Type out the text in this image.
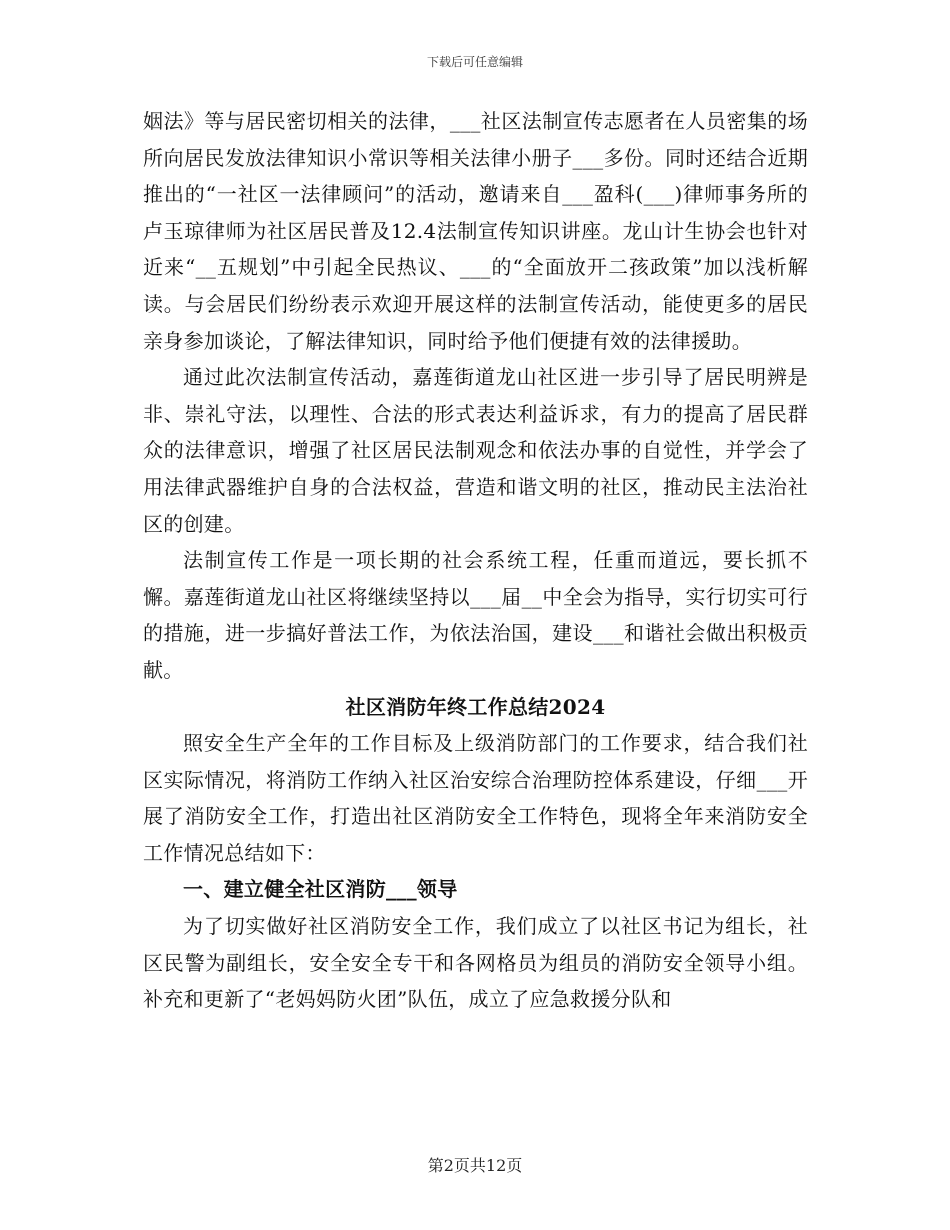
下载后可任意编辑

姻法》等与居民密切相关的法律，___社区法制宣传志愿者在人员密集的场所向居民发放法律知识小常识等相关法律小册子___多份。同时还结合近期推出的“一社区一法律顾问”的活动，邀请来自___盈科(___)律师事务所的卢玉琼律师为社区居民普及12.4法制宣传知识讲座。龙山计生协会也针对近来“__五规划”中引起全民热议、___的“全面放开二孩政策”加以浅析解读。与会居民们纷纷表示欢迎开展这样的法制宣传活动，能使更多的居民亲身参加谈论，了解法律知识，同时给予他们便捷有效的法律援助。

通过此次法制宣传活动，嘉莲街道龙山社区进一步引导了居民明辨是非、崇礼守法，以理性、合法的形式表达利益诉求，有力的提高了居民群众的法律意识，增强了社区居民法制观念和依法办事的自觉性，并学会了用法律武器维护自身的合法权益，营造和谐文明的社区，推动民主法治社区的创建。

法制宣传工作是一项长期的社会系统工程，任重而道远，要长抓不懈。嘉莲街道龙山社区将继续坚持以___届__中全会为指导，实行切实可行的措施，进一步搞好普法工作，为依法治国，建设___和谐社会做出积极贡献。

社区消防年终工作总结2024

照安全生产全年的工作目标及上级消防部门的工作要求，结合我们社区实际情况，将消防工作纳入社区治安综合治理防控体系建设，仔细___开展了消防安全工作，打造出社区消防安全工作特色，现将全年来消防安全工作情况总结如下：

一、建立健全社区消防___领导

为了切实做好社区消防安全工作，我们成立了以社区书记为组长，社区民警为副组长，安全安全专干和各网格员为组员的消防安全领导小组。补充和更新了“老妈妈防火团”队伍，成立了应急救援分队和

第2页共12页
